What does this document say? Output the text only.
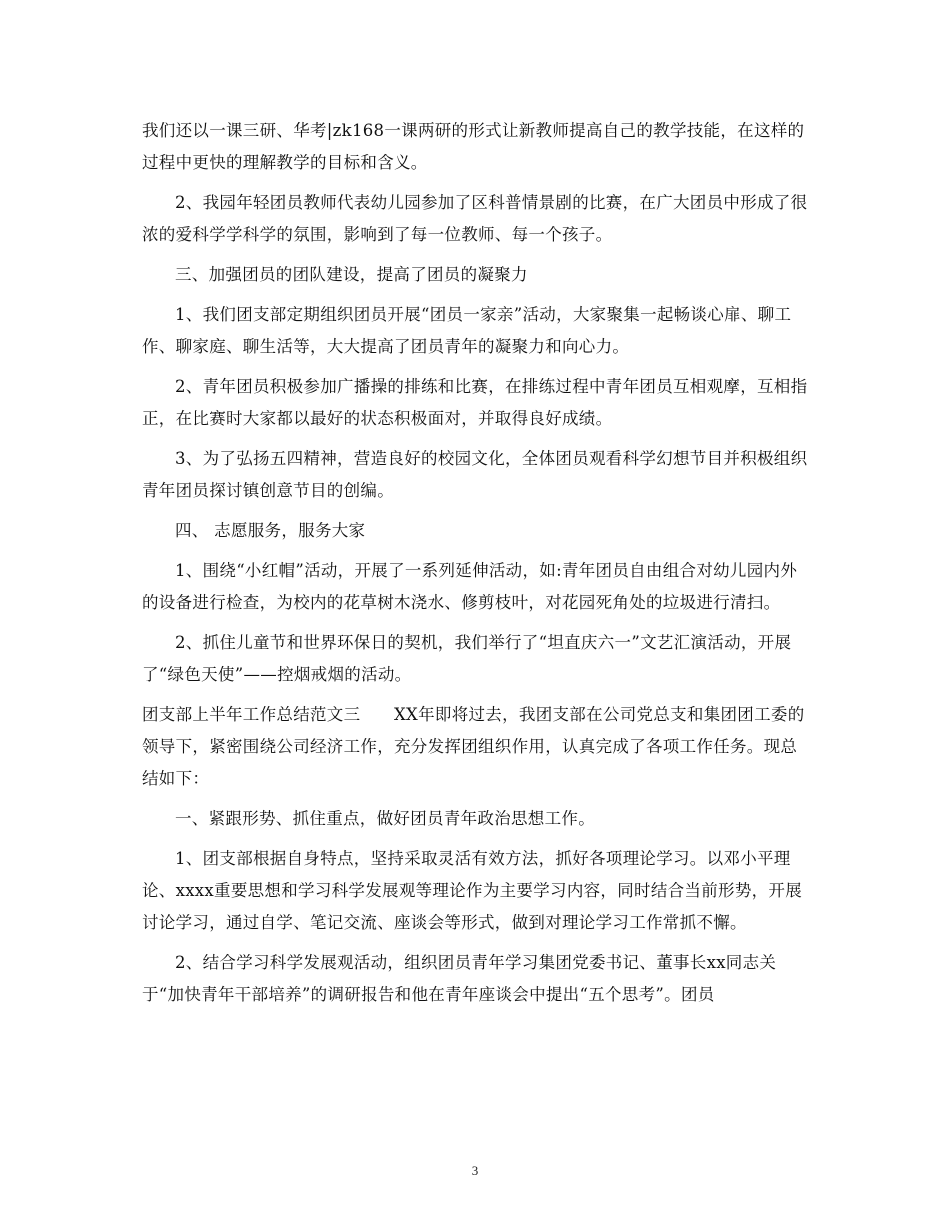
我们还以一课三研、华考|zk168一课两研的形式让新教师提高自己的教学技能，在这样的过程中更快的理解教学的目标和含义。

2、我园年轻团员教师代表幼儿园参加了区科普情景剧的比赛，在广大团员中形成了很浓的爱科学学科学的氛围，影响到了每一位教师、每一个孩子。

三、加强团员的团队建设，提高了团员的凝聚力

1、我们团支部定期组织团员开展“团员一家亲”活动，大家聚集一起畅谈心扉、聊工作、聊家庭、聊生活等，大大提高了团员青年的凝聚力和向心力。

2、青年团员积极参加广播操的排练和比赛，在排练过程中青年团员互相观摩，互相指正，在比赛时大家都以最好的状态积极面对，并取得良好成绩。

3、为了弘扬五四精神，营造良好的校园文化，全体团员观看科学幻想节目并积极组织青年团员探讨镇创意节目的创编。

四、 志愿服务，服务大家

1、围绕“小红帽”活动，开展了一系列延伸活动，如:青年团员自由组合对幼儿园内外的设备进行检查，为校内的花草树木浇水、修剪枝叶，对花园死角处的垃圾进行清扫。

2、抓住儿童节和世界环保日的契机，我们举行了“坦直庆六一”文艺汇演活动，开展了“绿色天使”——控烟戒烟的活动。

团支部上半年工作总结范文三　　XX年即将过去，我团支部在公司党总支和集团团工委的领导下，紧密围绕公司经济工作，充分发挥团组织作用，认真完成了各项工作任务。现总结如下：

一、紧跟形势、抓住重点，做好团员青年政治思想工作。

1、团支部根据自身特点，坚持采取灵活有效方法，抓好各项理论学习。以邓小平理论、xxxx重要思想和学习科学发展观等理论作为主要学习内容，同时结合当前形势，开展讨论学习，通过自学、笔记交流、座谈会等形式，做到对理论学习工作常抓不懈。

2、结合学习科学发展观活动，组织团员青年学习集团党委书记、董事长xx同志关于“加快青年干部培养”的调研报告和他在青年座谈会中提出“五个思考”。团员

3
